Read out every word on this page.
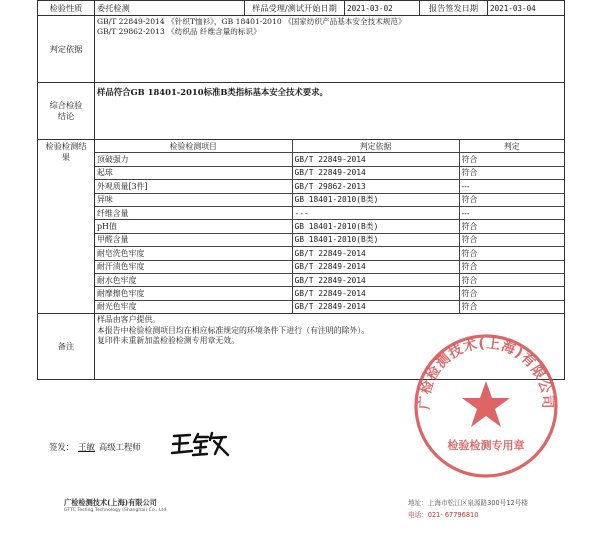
检验性质	委托检测	样品受理/测试开始日期	2021-03-02	报告签发日期	2021-03-04
判定依据	
GB/T 22849-2014 《针织T恤衫》，GB 18401-2010 《国家纺织产品基本安全技术规范》
GB/T 29862-2013 《纺织品 纤维含量的标识》

综合检验
结论
	样品符合GB 18401-2010标准B类指标基本安全技术要求。

检验检测结
果

检验检测项目	判定依据	判定
顶破强力	GB/T 22849-2014	符合
起球	GB/T 22849-2014	符合
外观质量[3件]	GB/T 29862-2013	---
异味	GB 18401-2010(B类)	符合
纤维含量	---	---
pH值	GB 18401-2010(B类)	符合
甲醛含量	GB 18401-2010(B类)	符合
耐皂洗色牢度	GB/T 22849-2014	符合
耐汗渍色牢度	GB/T 22849-2014	符合
耐水色牢度	GB/T 22849-2014	符合
耐摩擦色牢度	GB/T 22849-2014	符合
耐光色牢度	GB/T 22849-2014	符合

备注	
样品由客户提供。
本报告中检验检测项目均在相应标准规定的环境条件下进行（有注明的除外）。
复印件未重新加盖检验检测专用章无效。
签发： 王敏 高级工程师
广检检测技术(上海)有限公司
检验检测专用章
广检检测技术(上海)有限公司
GTTC Testing Technology (Shanghai) Co., Ltd.
地址：上海市松江区泉源路300号12号楼
电话：021- 67796810
